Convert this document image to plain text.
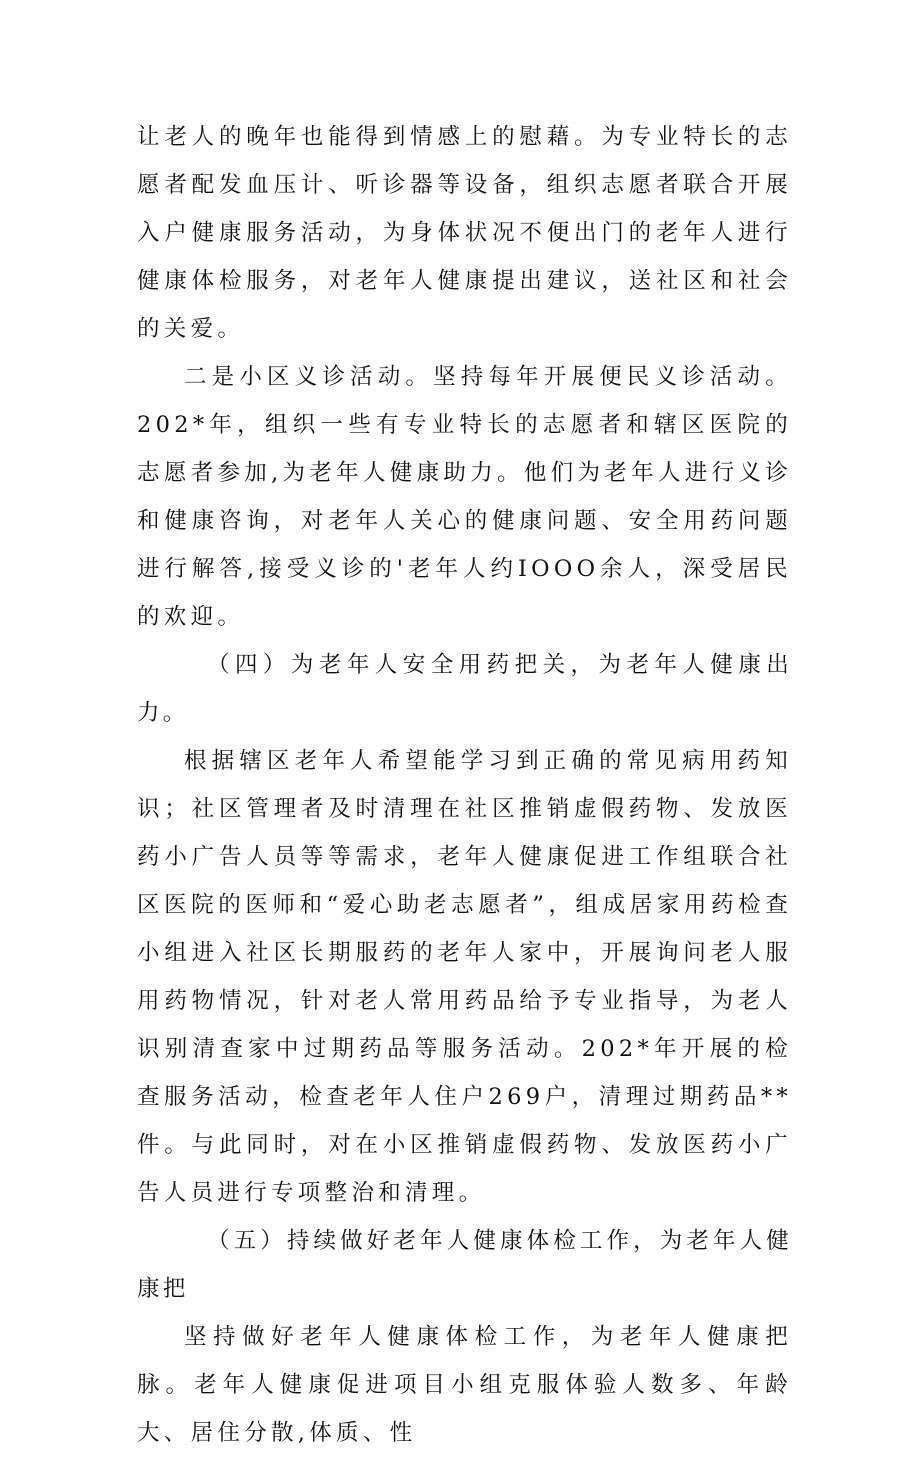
让老人的晚年也能得到情感上的慰藉。为专业特长的志愿者配发血压计、听诊器等设备，组织志愿者联合开展入户健康服务活动，为身体状况不便出门的老年人进行健康体检服务，对老年人健康提出建议，送社区和社会的关爱。

二是小区义诊活动。坚持每年开展便民义诊活动。202*年，组织一些有专业特长的志愿者和辖区医院的志愿者参加,为老年人健康助力。他们为老年人进行义诊和健康咨询，对老年人关心的健康问题、安全用药问题进行解答,接受义诊的'老年人约IOOO余人，深受居民的欢迎。

（四）为老年人安全用药把关，为老年人健康出力。

根据辖区老年人希望能学习到正确的常见病用药知识；社区管理者及时清理在社区推销虚假药物、发放医药小广告人员等等需求，老年人健康促进工作组联合社区医院的医师和“爱心助老志愿者”，组成居家用药检查小组进入社区长期服药的老年人家中，开展询问老人服用药物情况，针对老人常用药品给予专业指导，为老人识别清查家中过期药品等服务活动。202*年开展的检查服务活动，检查老年人住户269户，清理过期药品**件。与此同时，对在小区推销虚假药物、发放医药小广告人员进行专项整治和清理。

（五）持续做好老年人健康体检工作，为老年人健康把

坚持做好老年人健康体检工作，为老年人健康把脉。老年人健康促进项目小组克服体验人数多、年龄大、居住分散,体质、性
